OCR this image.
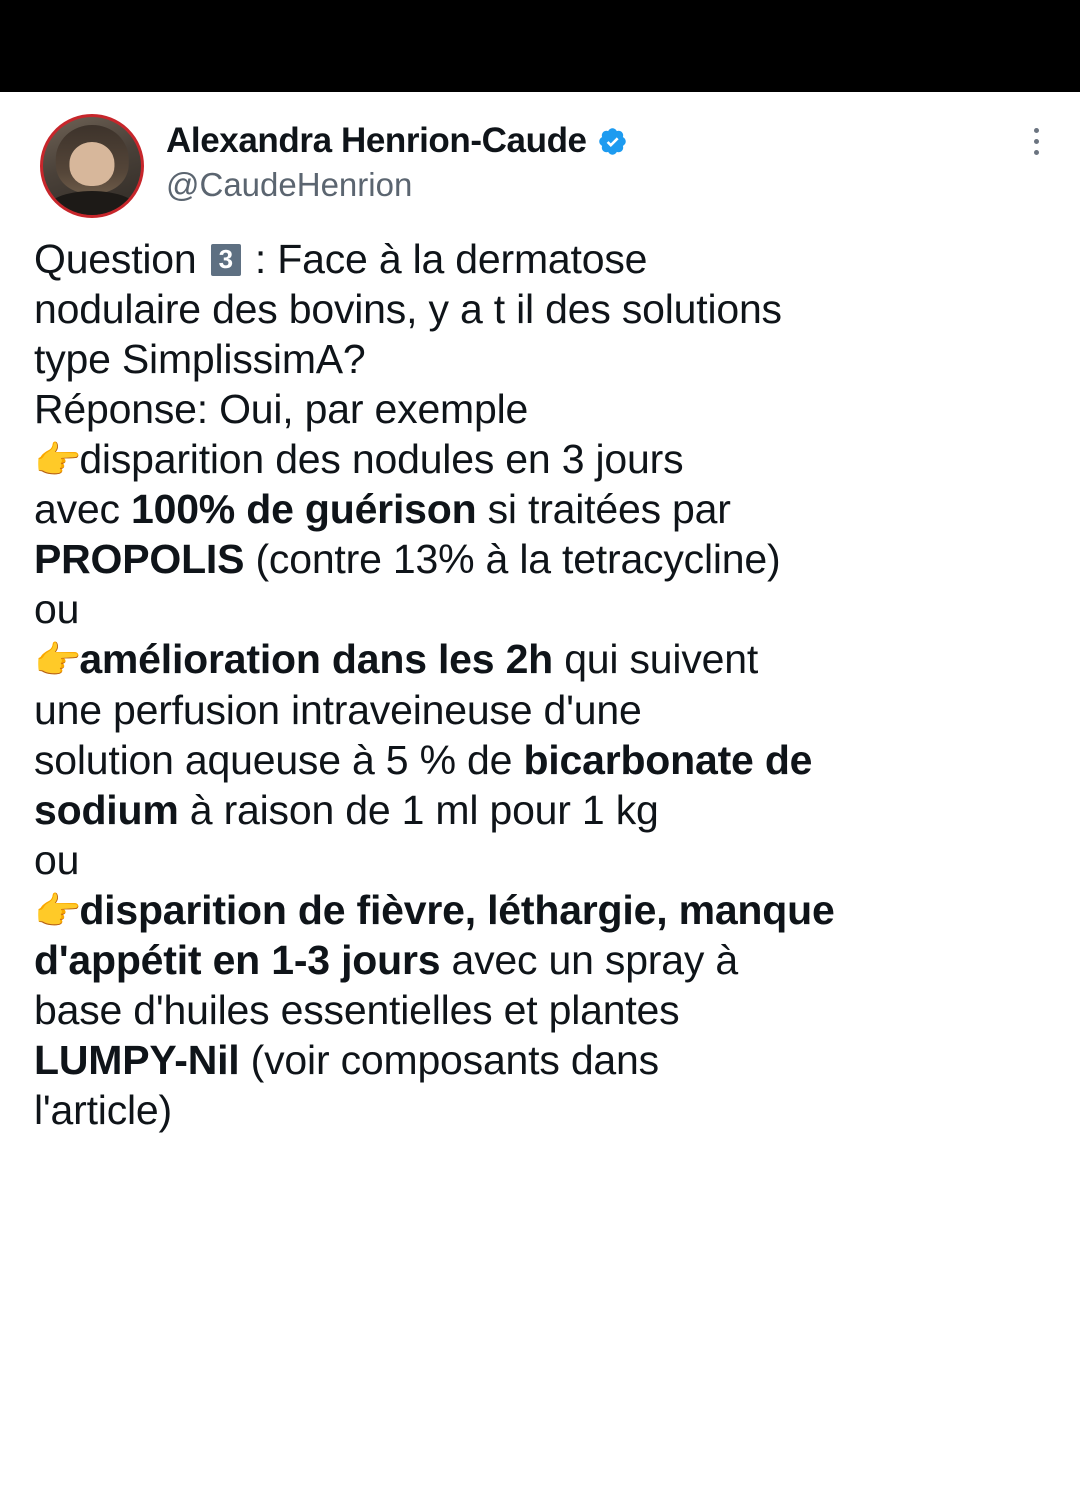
Alexandra Henrion-Caude
@CaudeHenrion

Question 3 : Face à la dermatose

nodulaire des bovins, y a t il des solutions

type SimplissimA?

Réponse: Oui, par exemple

👉disparition des nodules en 3 jours

avec 100% de guérison si traitées par

PROPOLIS (contre 13% à la tetracycline)

ou

👉amélioration dans les 2h qui suivent

une perfusion intraveineuse d'une

solution aqueuse à 5 % de bicarbonate de

sodium à raison de 1 ml pour 1 kg

ou

👉disparition de fièvre, léthargie, manque

d'appétit en 1-3 jours avec un spray à

base d'huiles essentielles et plantes

LUMPY-Nil (voir composants dans

l'article)
